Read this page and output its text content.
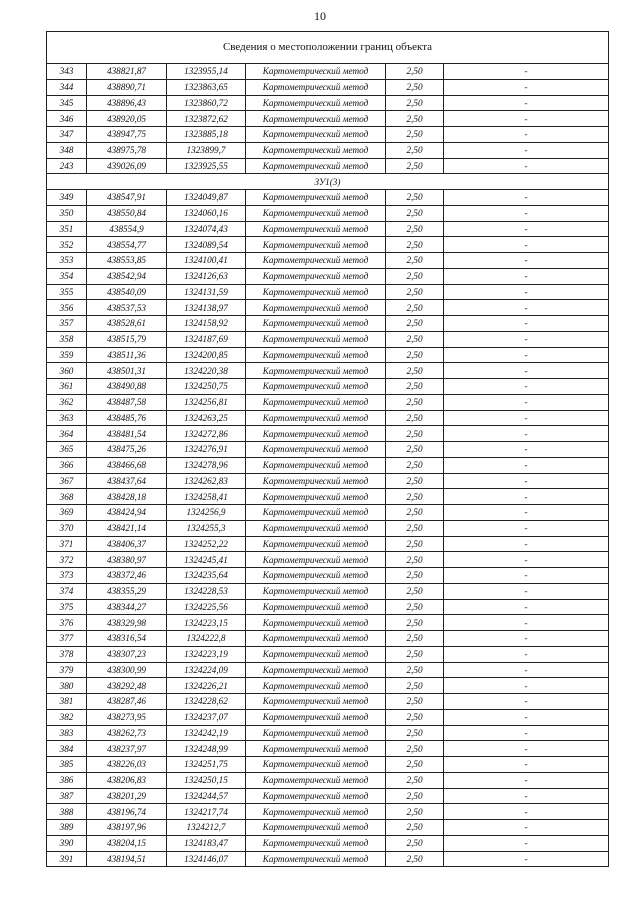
10
Сведения о местоположении границ объекта					
343	438821,87	1323955,14	Картометрический метод	2,50	-
344	438890,71	1323863,65	Картометрический метод	2,50	-
345	438896,43	1323860,72	Картометрический метод	2,50	-
346	438920,05	1323872,62	Картометрический метод	2,50	-
347	438947,75	1323885,18	Картометрический метод	2,50	-
348	438975,78	1323899,7	Картометрический метод	2,50	-
243	439026,09	1323925,55	Картометрический метод	2,50	-
ЗУ1(3)					
349	438547,91	1324049,87	Картометрический метод	2,50	-
350	438550,84	1324060,16	Картометрический метод	2,50	-
351	438554,9	1324074,43	Картометрический метод	2,50	-
352	438554,77	1324089,54	Картометрический метод	2,50	-
353	438553,85	1324100,41	Картометрический метод	2,50	-
354	438542,94	1324126,63	Картометрический метод	2,50	-
355	438540,09	1324131,59	Картометрический метод	2,50	-
356	438537,53	1324138,97	Картометрический метод	2,50	-
357	438528,61	1324158,92	Картометрический метод	2,50	-
358	438515,79	1324187,69	Картометрический метод	2,50	-
359	438511,36	1324200,85	Картометрический метод	2,50	-
360	438501,31	1324220,38	Картометрический метод	2,50	-
361	438490,88	1324250,75	Картометрический метод	2,50	-
362	438487,58	1324256,81	Картометрический метод	2,50	-
363	438485,76	1324263,25	Картометрический метод	2,50	-
364	438481,54	1324272,86	Картометрический метод	2,50	-
365	438475,26	1324276,91	Картометрический метод	2,50	-
366	438466,68	1324278,96	Картометрический метод	2,50	-
367	438437,64	1324262,83	Картометрический метод	2,50	-
368	438428,18	1324258,41	Картометрический метод	2,50	-
369	438424,94	1324256,9	Картометрический метод	2,50	-
370	438421,14	1324255,3	Картометрический метод	2,50	-
371	438406,37	1324252,22	Картометрический метод	2,50	-
372	438380,97	1324245,41	Картометрический метод	2,50	-
373	438372,46	1324235,64	Картометрический метод	2,50	-
374	438355,29	1324228,53	Картометрический метод	2,50	-
375	438344,27	1324225,56	Картометрический метод	2,50	-
376	438329,98	1324223,15	Картометрический метод	2,50	-
377	438316,54	1324222,8	Картометрический метод	2,50	-
378	438307,23	1324223,19	Картометрический метод	2,50	-
379	438300,99	1324224,09	Картометрический метод	2,50	-
380	438292,48	1324226,21	Картометрический метод	2,50	-
381	438287,46	1324228,62	Картометрический метод	2,50	-
382	438273,95	1324237,07	Картометрический метод	2,50	-
383	438262,73	1324242,19	Картометрический метод	2,50	-
384	438237,97	1324248,99	Картометрический метод	2,50	-
385	438226,03	1324251,75	Картометрический метод	2,50	-
386	438206,83	1324250,15	Картометрический метод	2,50	-
387	438201,29	1324244,57	Картометрический метод	2,50	-
388	438196,74	1324217,74	Картометрический метод	2,50	-
389	438197,96	1324212,7	Картометрический метод	2,50	-
390	438204,15	1324183,47	Картометрический метод	2,50	-
391	438194,51	1324146,07	Картометрический метод	2,50	-
